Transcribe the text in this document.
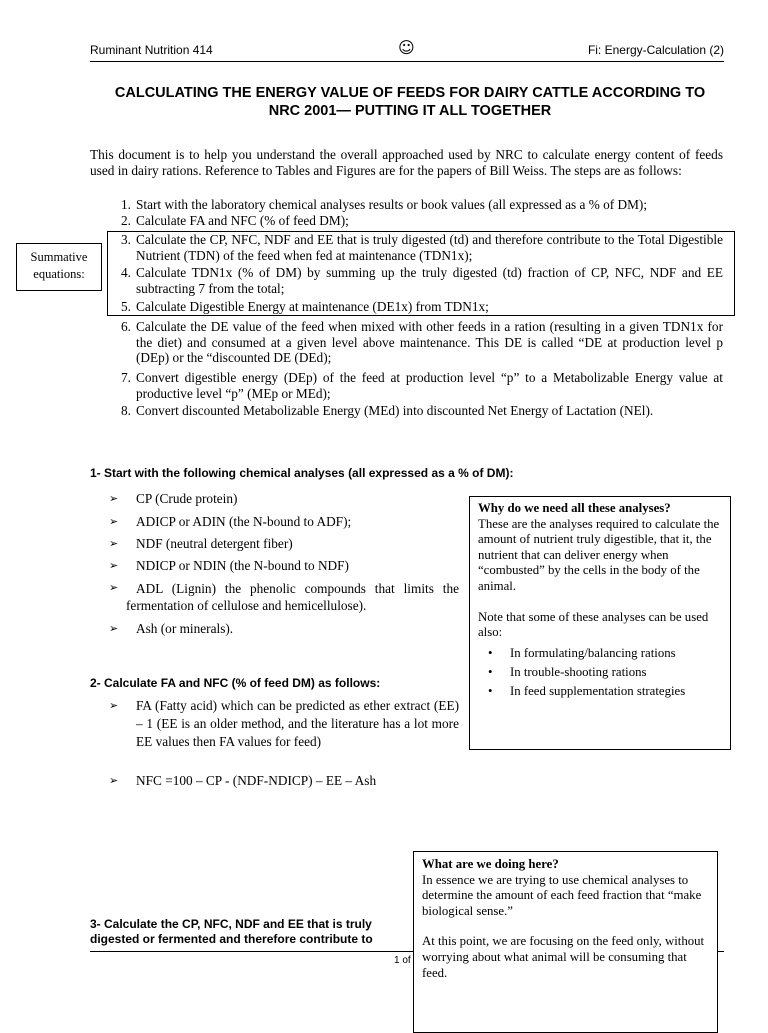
Ruminant Nutrition 414	☺	Fi: Energy-Calculation (2)
CALCULATING THE ENERGY VALUE OF FEEDS FOR DAIRY CATTLE ACCORDING TO
NRC 2001— PUTTING IT ALL TOGETHER
This document is to help you understand the overall approached used by NRC to calculate energy content of feeds used in dairy rations. Reference to Tables and Figures are for the papers of Bill Weiss. The steps are as follows:
1. Start with the laboratory chemical analyses results or book values (all expressed as a % of DM);
2. Calculate FA and NFC (% of feed DM);
3. Calculate the CP, NFC, NDF and EE that is truly digested (td) and therefore contribute to the Total Digestible Nutrient (TDN) of the feed when fed at maintenance (TDN1x);
4. Calculate TDN1x (% of DM) by summing up the truly digested (td) fraction of CP, NFC, NDF and EE subtracting 7 from the total;
5. Calculate Digestible Energy at maintenance (DE1x) from TDN1x;
6. Calculate the DE value of the feed when mixed with other feeds in a ration (resulting in a given TDN1x for the diet) and consumed at a given level above maintenance. This DE is called “DE at production level p (DEp) or the “discounted DE (DEd);
7. Convert digestible energy (DEp) of the feed at production level “p” to a Metabolizable Energy value at productive level “p” (MEp or MEd);
8. Convert discounted Metabolizable Energy (MEd) into discounted Net Energy of Lactation (NEl).
Summative equations:
1- Start with the following chemical analyses (all expressed as a % of DM):
➢ CP (Crude protein)
➢ ADICP or ADIN (the N-bound to ADF);
➢ NDF (neutral detergent fiber)
➢ NDICP or NDIN (the N-bound to NDF)
➢	ADL (Lignin) the phenolic compounds that limits the fermentation of cellulose and hemicellulose).
➢ Ash (or minerals).
Why do we need all these analyses?
These are the analyses required to calculate the amount of nutrient truly digestible, that it, the nutrient that can deliver energy when “combusted” by the cells in the body of the animal.
Note that some of these analyses can be used also:
• In formulating/balancing rations
• In trouble-shooting rations
• In feed supplementation strategies
2- Calculate FA and NFC (% of feed DM) as follows:
➢ FA (Fatty acid) which can be predicted as ether extract (EE) – 1 (EE is an older method, and the literature has a lot more EE values then FA values for feed)
➢ NFC =100 – CP - (NDF-NDICP) – EE – Ash
3- Calculate the CP, NFC, NDF and EE that is truly digested or fermented and therefore contribute to
1 of
What are we doing here?
In essence we are trying to use chemical analyses to determine the amount of each feed fraction that “make biological sense.”
At this point, we are focusing on the feed only, without worrying about what animal will be consuming that feed.
